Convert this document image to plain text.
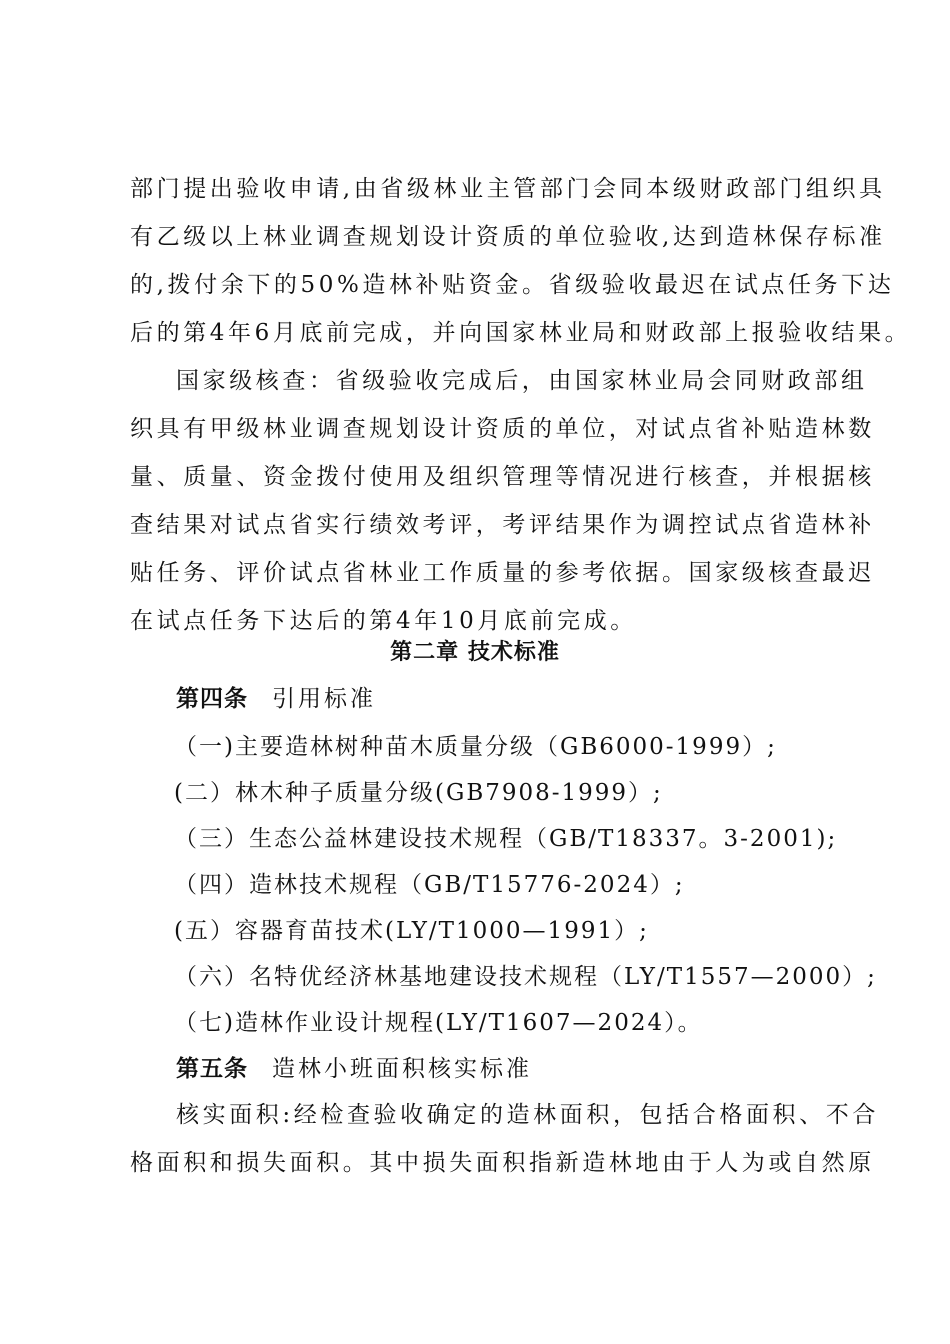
部门提出验收申请,由省级林业主管部门会同本级财政部门组织具
有乙级以上林业调查规划设计资质的单位验收,达到造林保存标准
的,拨付余下的50%造林补贴资金。省级验收最迟在试点任务下达
后的第4年6月底前完成，并向国家林业局和财政部上报验收结果。
国家级核查：省级验收完成后，由国家林业局会同财政部组
织具有甲级林业调查规划设计资质的单位，对试点省补贴造林数
量、质量、资金拨付使用及组织管理等情况进行核查，并根据核
查结果对试点省实行绩效考评，考评结果作为调控试点省造林补
贴任务、评价试点省林业工作质量的参考依据。国家级核查最迟
在试点任务下达后的第4年10月底前完成。
第二章 技术标准
第四条 引用标准
（一)主要造林树种苗木质量分级（GB6000-1999）;
(二）林木种子质量分级(GB7908-1999）;
（三）生态公益林建设技术规程（GB/T18337。3-2001);
（四）造林技术规程（GB/T15776-2024）;
(五）容器育苗技术(LY/T1000—1991）;
（六）名特优经济林基地建设技术规程（LY/T1557—2000）;
（七)造林作业设计规程(LY/T1607—2024）。
第五条 造林小班面积核实标准
核实面积:经检查验收确定的造林面积，包括合格面积、不合
格面积和损失面积。其中损失面积指新造林地由于人为或自然原
